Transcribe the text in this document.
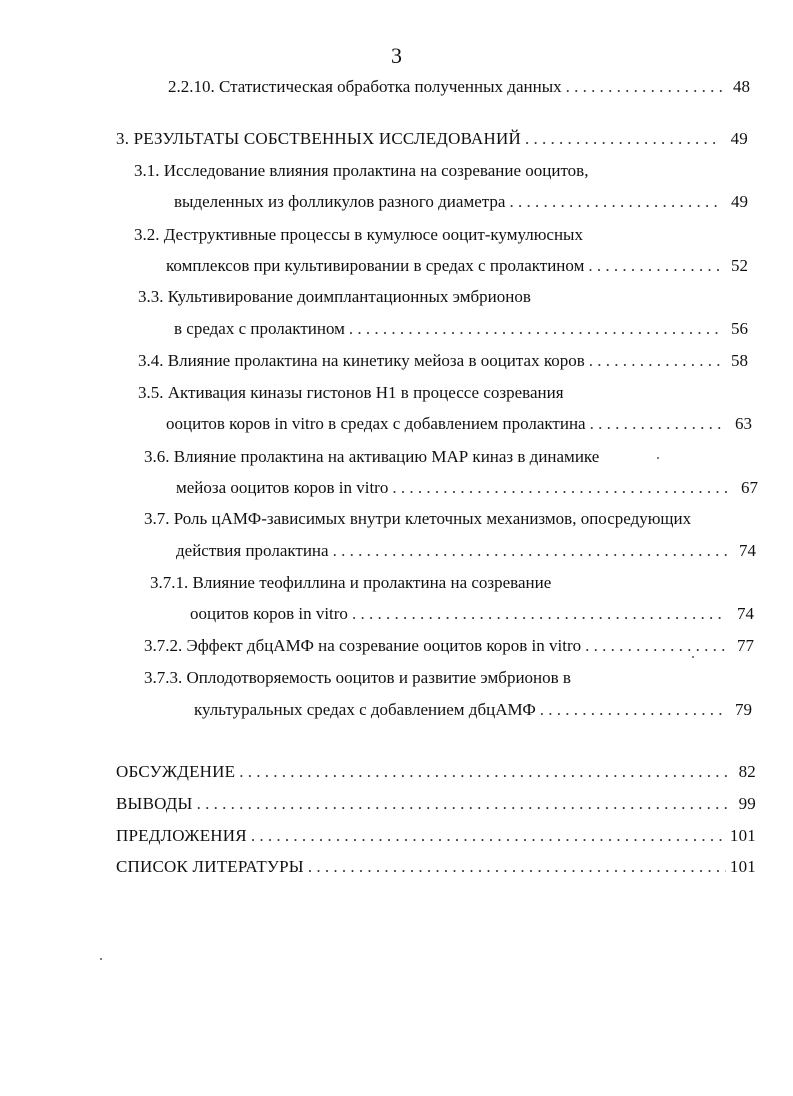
3
2.2.10. Статистическая обработка полученных данных . . .	48
3. РЕЗУЛЬТАТЫ СОБСТВЕННЫХ ИССЛЕДОВАНИЙ . . .	49
3.1. Исследование влияния пролактина на созревание ооцитов,
выделенных из фолликулов разного диаметра . . .	49
3.2. Деструктивные процессы в кумулюсе ооцит-кумулюсных
комплексов при культивировании в средах с пролактином . . .	52
3.3. Культивирование доимплантационных эмбрионов
в средах с пролактином . . .	56
3.4. Влияние пролактина на кинетику мейоза в ооцитах коров . . .	58
3.5. Активация киназы гистонов Н1 в процессе созревания
ооцитов коров in vitro в средах с добавлением пролактина . . .	63
3.6. Влияние пролактина на активацию МАР киназ в динамике
мейоза ооцитов коров in vitro . . .	67
3.7. Роль цАМФ-зависимых внутри клеточных механизмов, опосредующих
действия пролактина . . .	74
3.7.1. Влияние теофиллина и пролактина на созревание
ооцитов коров in vitro . . .	74
3.7.2. Эффект дбцАМФ на созревание ооцитов коров in vitro . . .	77
3.7.3. Оплодотворяемость ооцитов и развитие эмбрионов в
культуральных средах с добавлением дбцАМФ . . .	79
ОБСУЖДЕНИЕ . . .	82
ВЫВОДЫ . . .	99
ПРЕДЛОЖЕНИЯ . . .	101
СПИСОК ЛИТЕРАТУРЫ . . .	101
